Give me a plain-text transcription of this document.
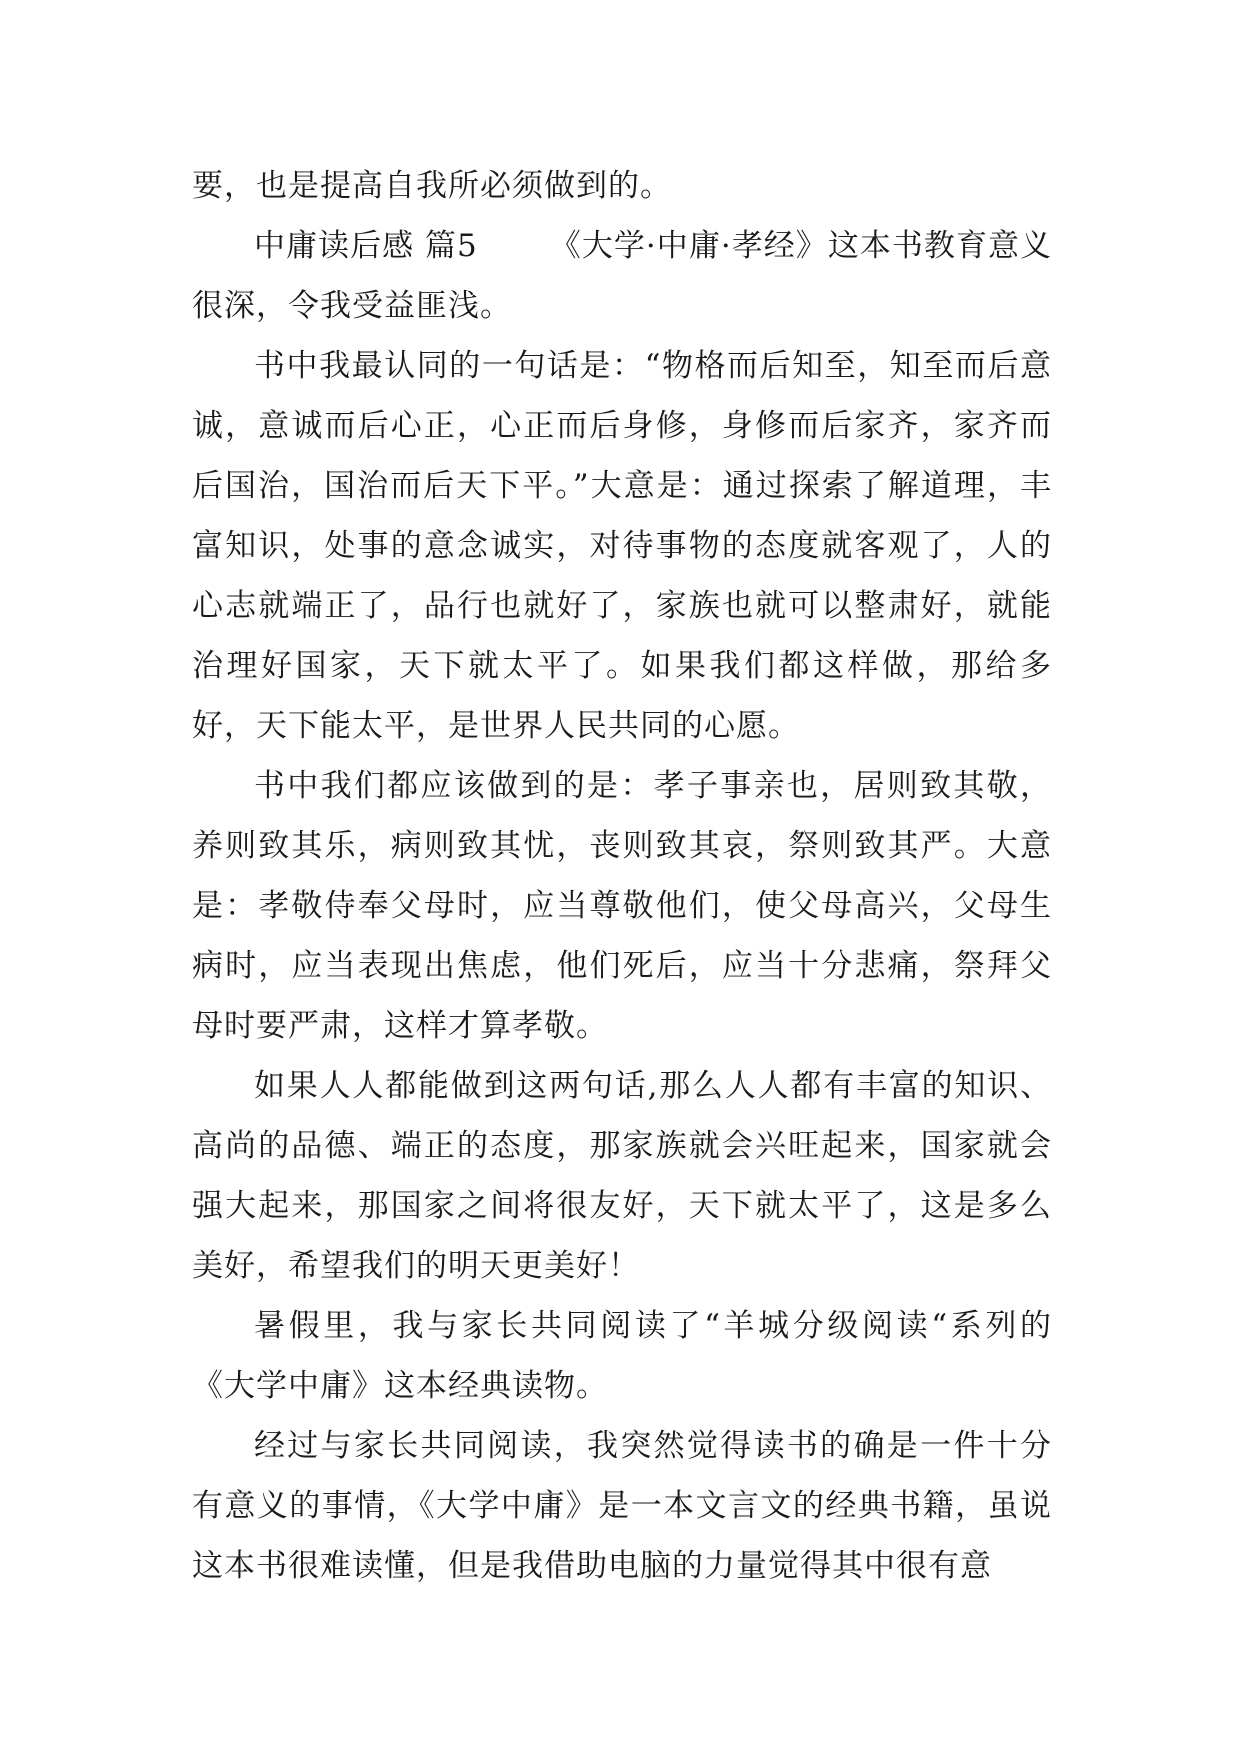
要，也是提高自我所必须做到的。

中庸读后感 篇5 《大学·中庸·孝经》这本书教育意义很深，令我受益匪浅。

书中我最认同的一句话是：“物格而后知至，知至而后意诚，意诚而后心正，心正而后身修，身修而后家齐，家齐而后国治，国治而后天下平。”大意是：通过探索了解道理，丰富知识，处事的意念诚实，对待事物的态度就客观了，人的心志就端正了，品行也就好了，家族也就可以整肃好，就能治理好国家，天下就太平了。如果我们都这样做，那给多好，天下能太平，是世界人民共同的心愿。

书中我们都应该做到的是：孝子事亲也，居则致其敬，养则致其乐，病则致其忧，丧则致其哀，祭则致其严。大意是：孝敬侍奉父母时，应当尊敬他们，使父母高兴，父母生病时，应当表现出焦虑，他们死后，应当十分悲痛，祭拜父母时要严肃，这样才算孝敬。

如果人人都能做到这两句话,那么人人都有丰富的知识、高尚的品德、端正的态度，那家族就会兴旺起来，国家就会强大起来，那国家之间将很友好，天下就太平了，这是多么美好，希望我们的明天更美好！

暑假里，我与家长共同阅读了“羊城分级阅读“系列的《大学中庸》这本经典读物。

经过与家长共同阅读，我突然觉得读书的确是一件十分有意义的事情，《大学中庸》是一本文言文的经典书籍，虽说这本书很难读懂，但是我借助电脑的力量觉得其中很有意
